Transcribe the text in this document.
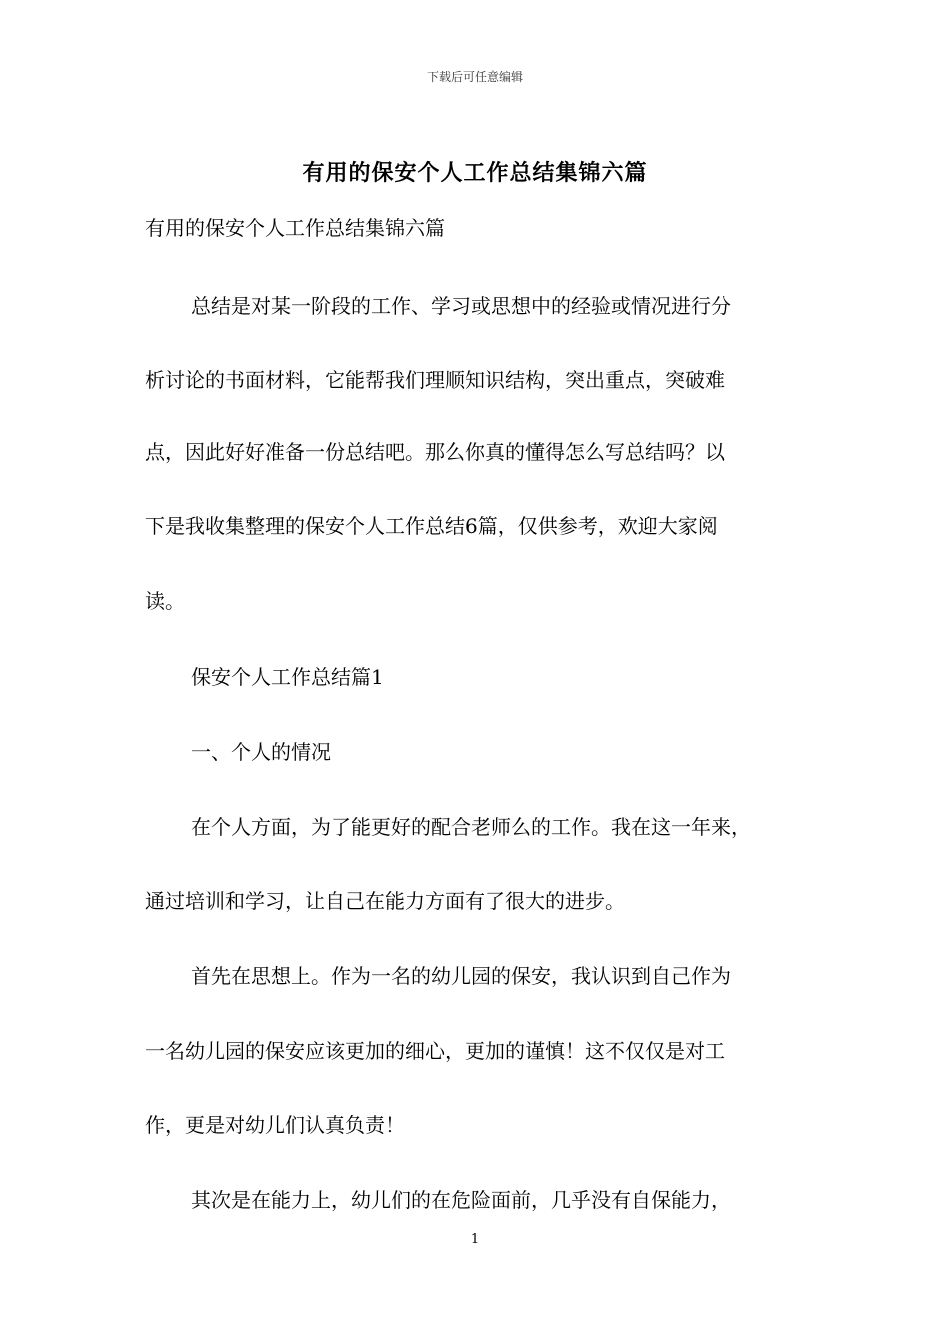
下载后可任意编辑
有用的保安个人工作总结集锦六篇
有用的保安个人工作总结集锦六篇
总结是对某一阶段的工作、学习或思想中的经验或情况进行分
析讨论的书面材料，它能帮我们理顺知识结构，突出重点，突破难
点，因此好好准备一份总结吧。那么你真的懂得怎么写总结吗？以
下是我收集整理的保安个人工作总结6篇，仅供参考，欢迎大家阅
读。
保安个人工作总结篇1
一、个人的情况
在个人方面，为了能更好的配合老师么的工作。我在这一年来，
通过培训和学习，让自己在能力方面有了很大的进步。
首先在思想上。作为一名的幼儿园的保安，我认识到自己作为
一名幼儿园的保安应该更加的细心，更加的谨慎！这不仅仅是对工
作，更是对幼儿们认真负责！
其次是在能力上，幼儿们的在危险面前，几乎没有自保能力，
1
